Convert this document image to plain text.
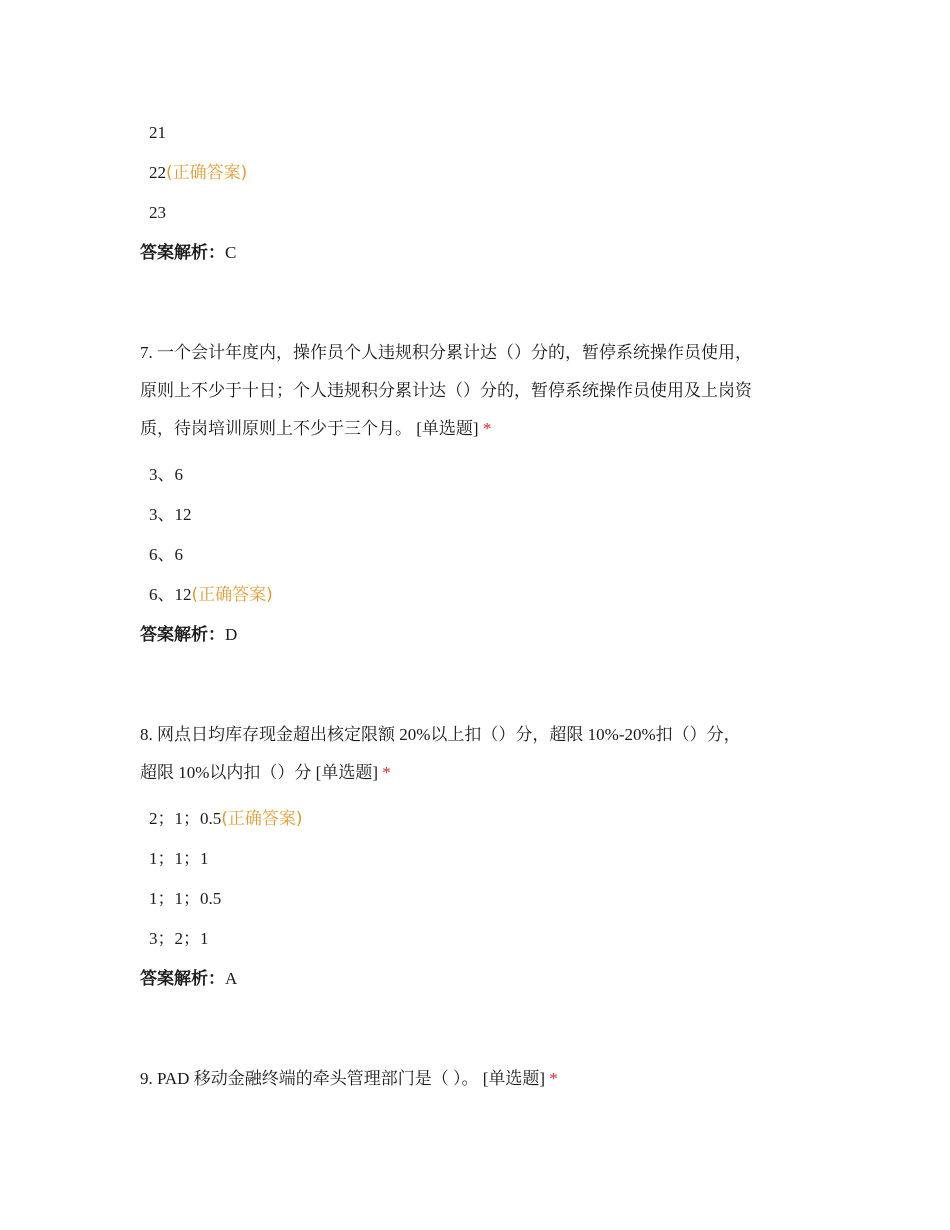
21
22(正确答案)
23
答案解析：C
7. 一个会计年度内，操作员个人违规积分累计达（）分的，暂停系统操作员使用，
原则上不少于十日；个人违规积分累计达（）分的，暂停系统操作员使用及上岗资
质，待岗培训原则上不少于三个月。 [单选题] *
3、6
3、12
6、6
6、12(正确答案)
答案解析：D
8. 网点日均库存现金超出核定限额 20%以上扣（）分，超限 10%-20%扣（）分，
超限 10%以内扣（）分 [单选题] *
2；1；0.5(正确答案)
1；1；1
1；1；0.5
3；2；1
答案解析：A
9. PAD 移动金融终端的牵头管理部门是（ ）。 [单选题] *
